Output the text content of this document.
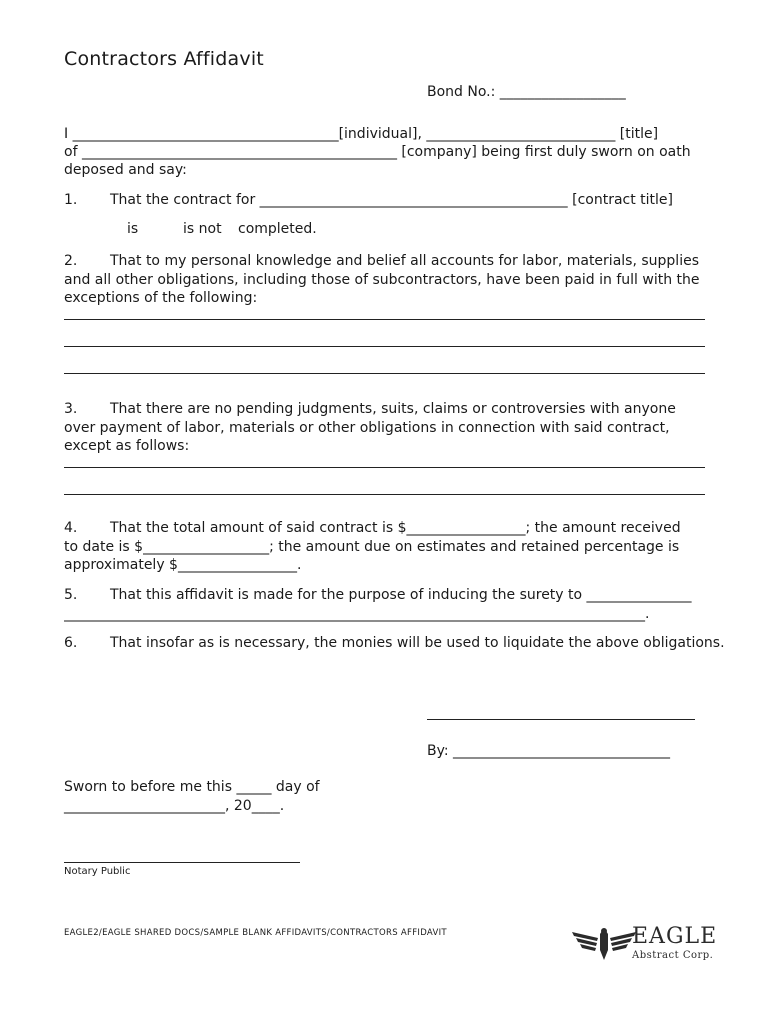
Contractors Affidavit
Bond No.: __________________
I ______________________________________[individual], ___________________________ [title]
of _____________________________________________ [company] being first duly sworn on oath
deposed and say:
1. That the contract for ____________________________________________ [contract title]
is	is not completed.
2. That to my personal knowledge and belief all accounts for labor, materials, supplies and all other obligations, including those of subcontractors, have been paid in full with the exceptions of the following:
3. That there are no pending judgments, suits, claims or controversies with anyone over payment of labor, materials or other obligations in connection with said contract, except as follows:
4. That the total amount of said contract is $_________________; the amount received
to date is $__________________; the amount due on estimates and retained percentage is
approximately $_________________.
5. That this affidavit is made for the purpose of inducing the surety to _______________
___________________________________________________________________________________.
6. That insofar as is necessary, the monies will be used to liquidate the above obligations.
By: _______________________________
Sworn to before me this _____ day of
_______________________, 20____.
Notary Public
EAGLE2/EAGLE SHARED DOCS/SAMPLE BLANK AFFIDAVITS/CONTRACTORS AFFIDAVIT	EAGLE
Abstract Corp.
